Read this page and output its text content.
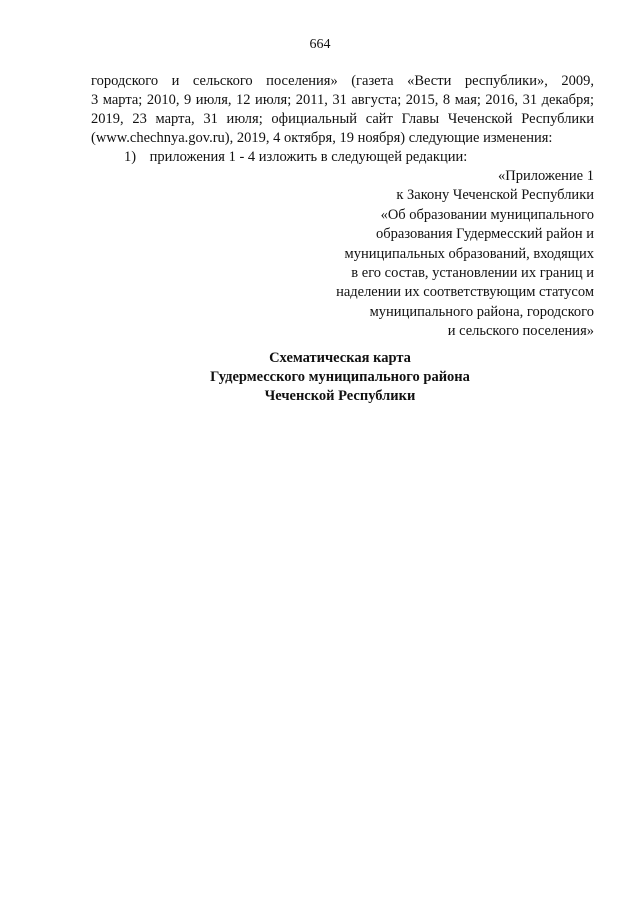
664

городского и сельского поселения» (газета «Вести республики», 2009,
3 марта; 2010, 9 июля, 12 июля; 2011, 31 августа; 2015, 8 мая; 2016, 31 декабря;
2019, 23 марта, 31 июля; официальный сайт Главы Чеченской Республики
(www.chechnya.gov.ru), 2019, 4 октября, 19 ноября) следующие изменения:

1) приложения 1 - 4 изложить в следующей редакции:
«Приложение 1
к Закону Чеченской Республики
«Об образовании муниципального
образования Гудермесский район и
муниципальных образований, входящих
в его состав, установлении их границ и
наделении их соответствующим статусом
муниципального района, городского
и сельского поселения»
Схематическая карта
Гудермесского муниципального района
Чеченской Республики
